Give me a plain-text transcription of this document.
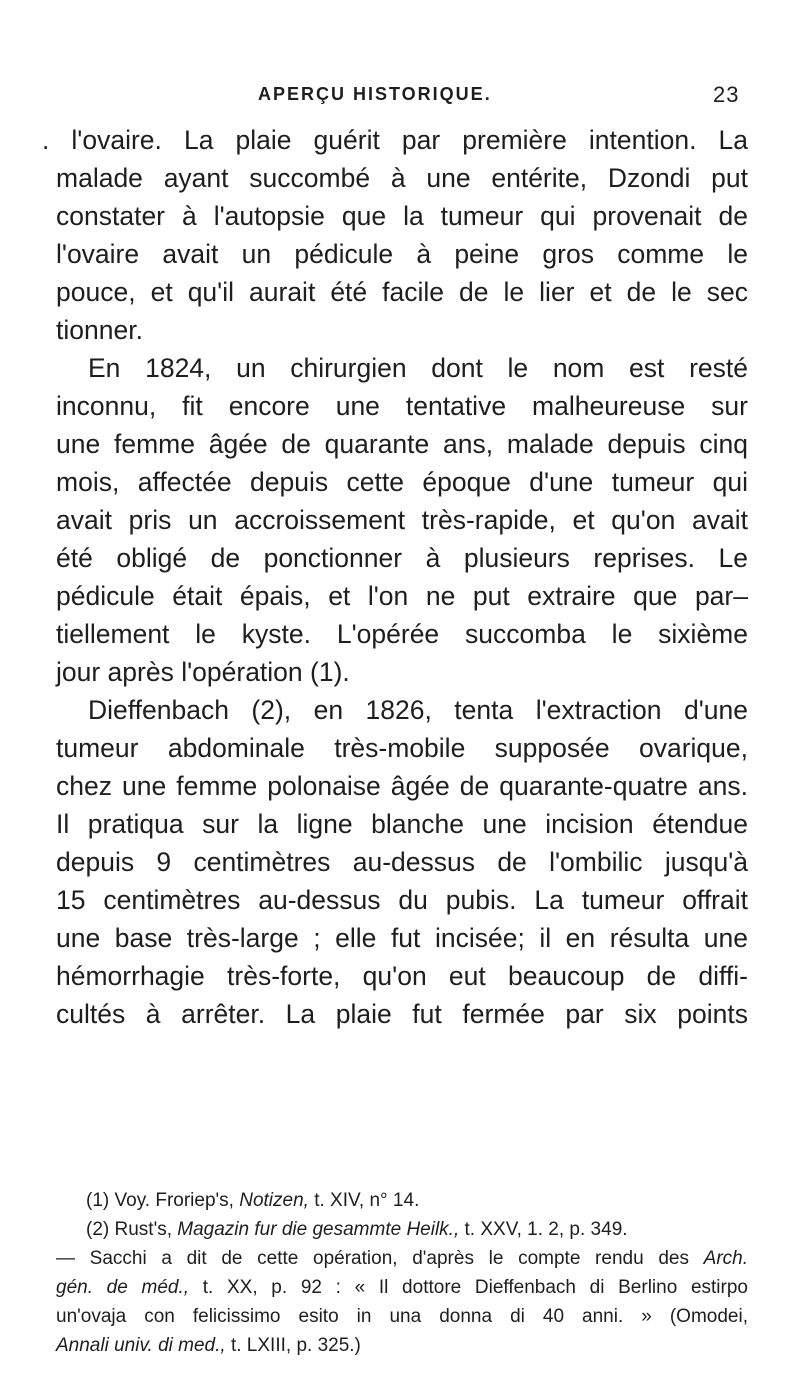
APERÇU HISTORIQUE.	23
. l'ovaire. La plaie guérit par première intention. La
malade ayant succombé à une entérite, Dzondi put
constater à l'autopsie que la tumeur qui provenait de
l'ovaire avait un pédicule à peine gros comme le
pouce, et qu'il aurait été facile de le lier et de le sec
tionner.
En 1824, un chirurgien dont le nom est resté
inconnu, fit encore une tentative malheureuse sur
une femme âgée de quarante ans, malade depuis cinq
mois, affectée depuis cette époque d'une tumeur qui
avait pris un accroissement très-rapide, et qu'on avait
été obligé de ponctionner à plusieurs reprises. Le
pédicule était épais, et l'on ne put extraire que par–
tiellement le kyste. L'opérée succomba le sixième
jour après l'opération (1).
Dieffenbach (2), en 1826, tenta l'extraction d'une
tumeur abdominale très-mobile supposée ovarique,
chez une femme polonaise âgée de quarante-quatre ans.
Il pratiqua sur la ligne blanche une incision étendue
depuis 9 centimètres au-dessus de l'ombilic jusqu'à
15 centimètres au-dessus du pubis. La tumeur offrait
une base très-large ; elle fut incisée; il en résulta une
hémorrhagie très-forte, qu'on eut beaucoup de diffi-
cultés à arrêter. La plaie fut fermée par six points
(1) Voy. Froriep's, Notizen, t. XIV, n° 14.
(2) Rust's, Magazin fur die gesammte Heilk., t. XXV, 1. 2, p. 349.
— Sacchi a dit de cette opération, d'après le compte rendu des Arch.
gén. de méd., t. XX, p. 92 : « Il dottore Dieffenbach di Berlino estirpo
un'ovaja con felicissimo esito in una donna di 40 anni. » (Omodei,
Annali univ. di med., t. LXIII, p. 325.)
